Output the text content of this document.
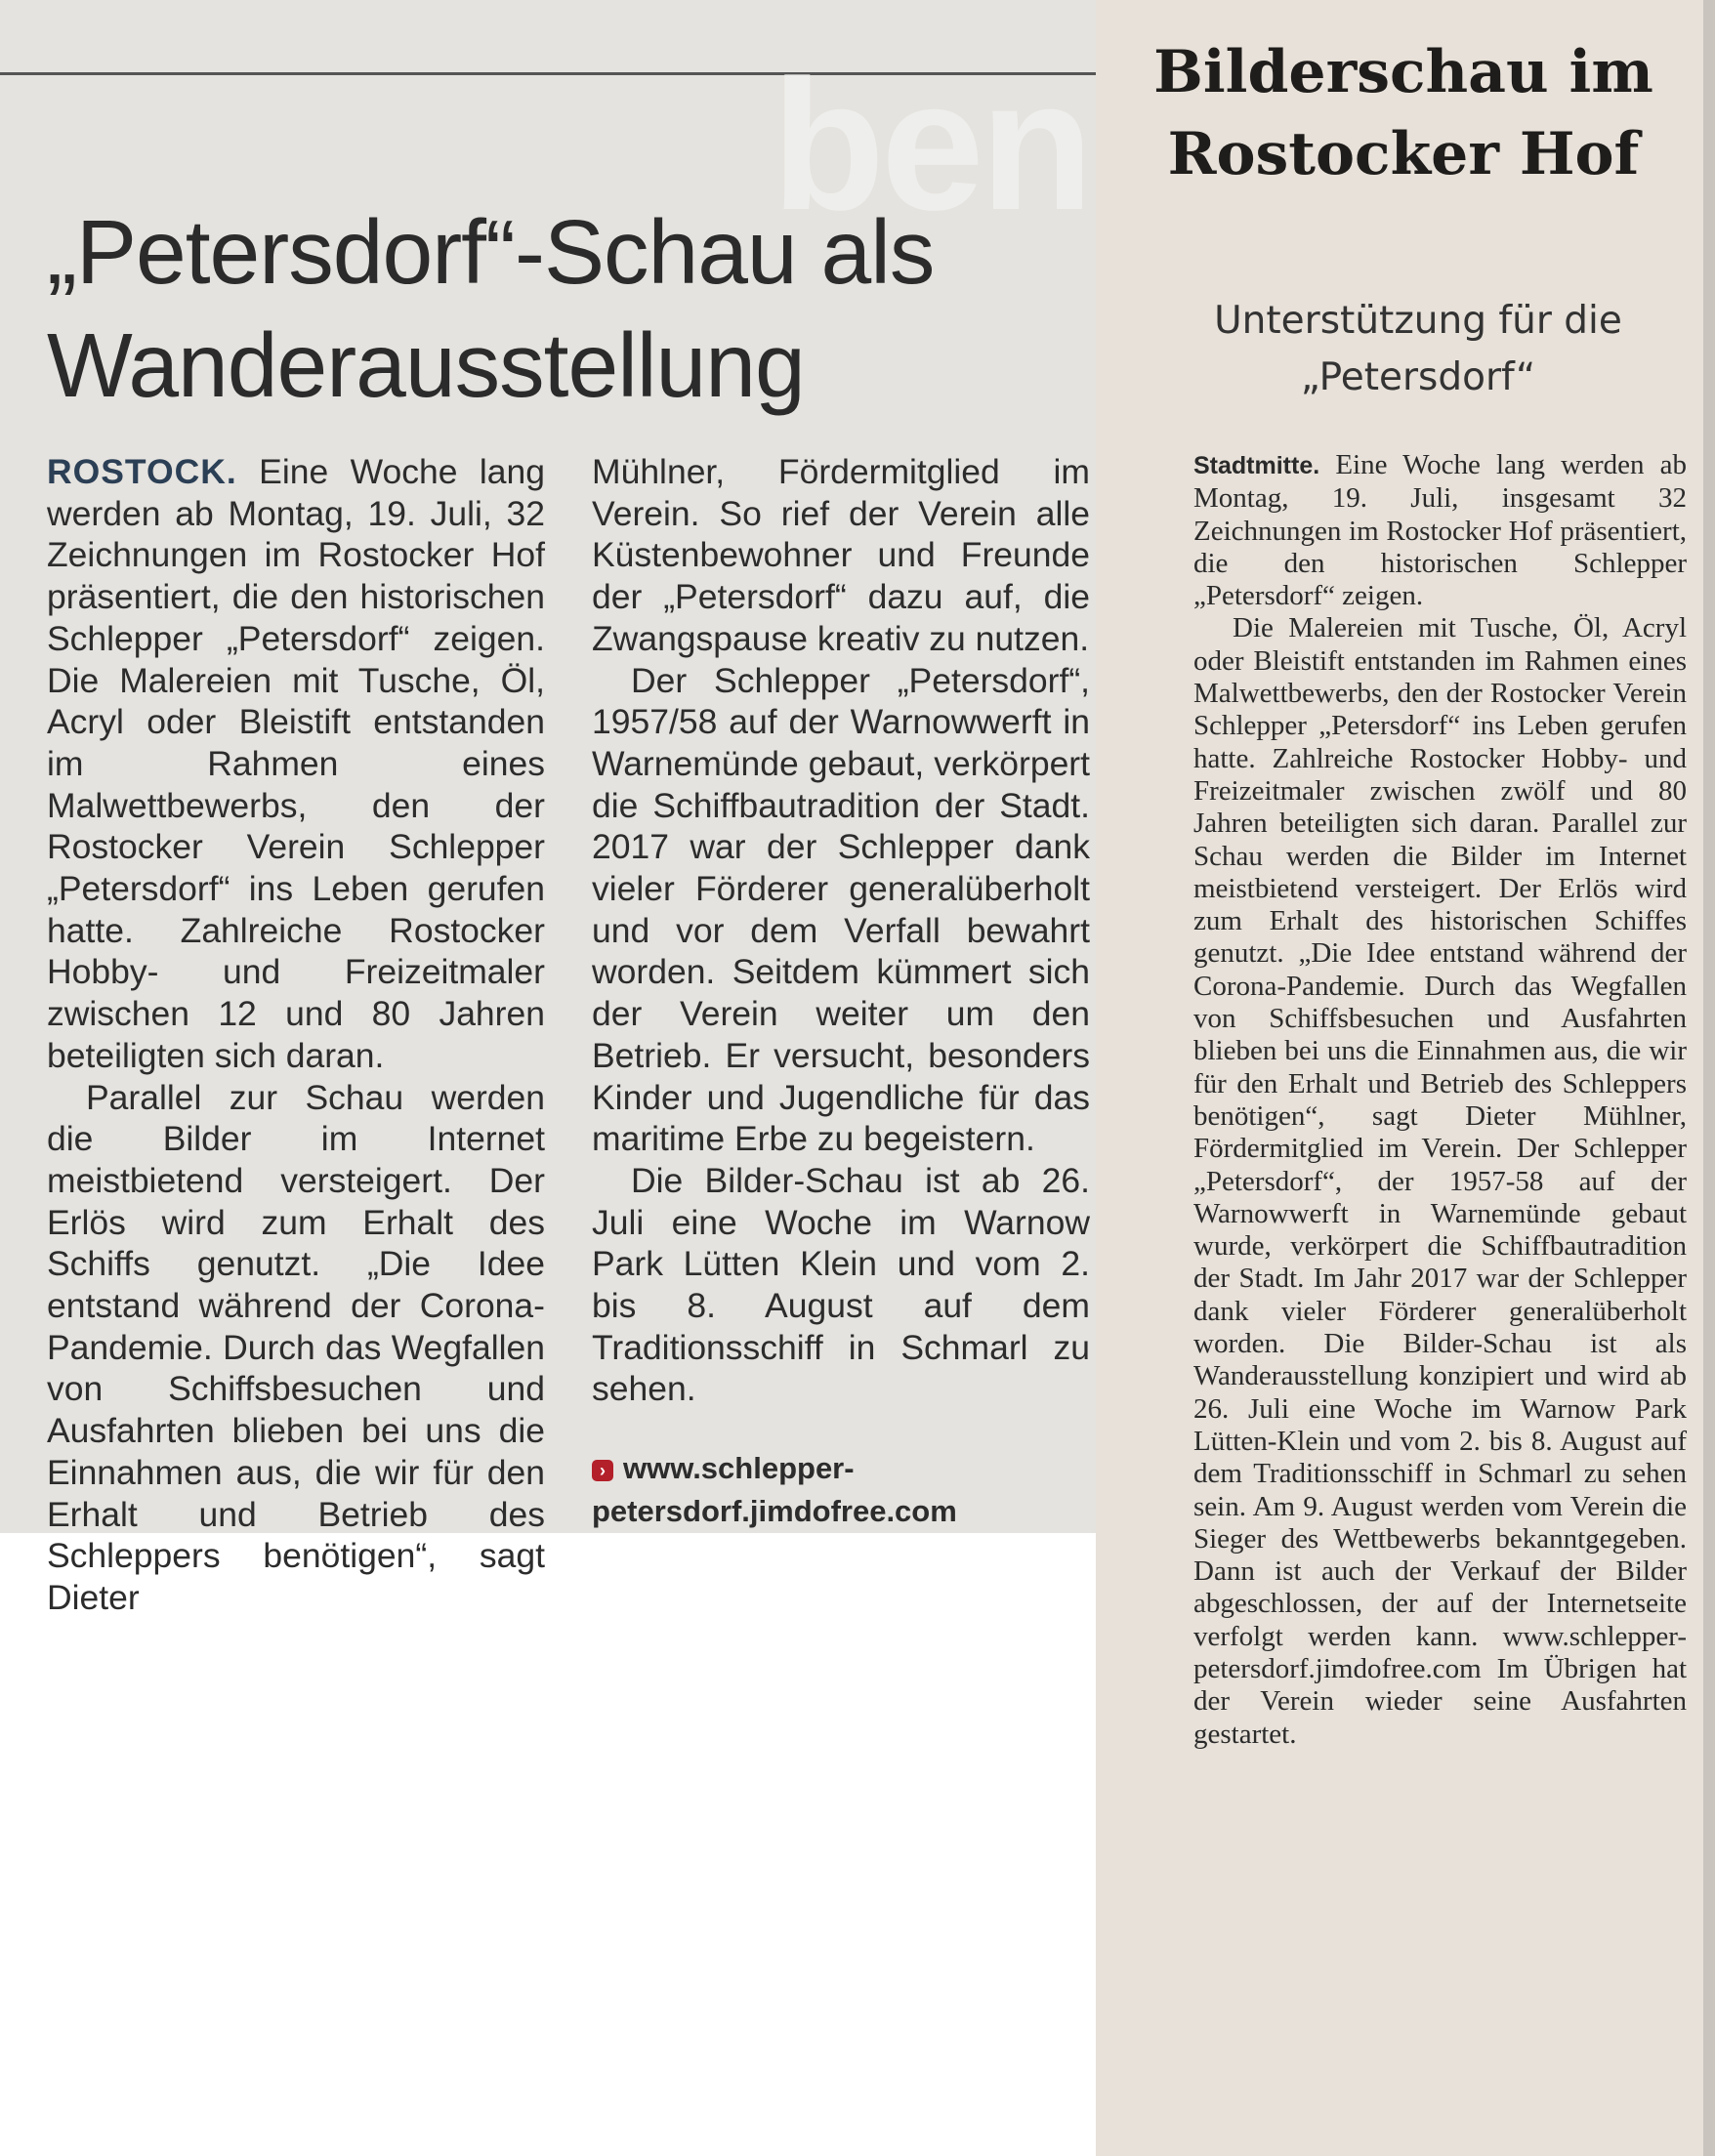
ben
„Petersdorf“-Schau als Wanderausstellung

ROSTOCK. Eine Woche lang werden ab Montag, 19. Juli, 32 Zeichnungen im Rostocker Hof präsentiert, die den historischen Schlepper „Petersdorf“ zeigen. Die Malereien mit Tusche, Öl, Acryl oder Bleistift entstanden im Rahmen eines Malwettbewerbs, den der Rostocker Verein Schlepper „Petersdorf“ ins Leben gerufen hatte. Zahlreiche Rostocker Hobby- und Freizeitmaler zwischen 12 und 80 Jahren beteiligten sich daran.

Parallel zur Schau werden die Bilder im Internet meistbietend versteigert. Der Erlös wird zum Erhalt des Schiffs genutzt. „Die Idee entstand während der Corona-Pandemie. Durch das Wegfallen von Schiffsbesuchen und Ausfahrten blieben bei uns die Einnahmen aus, die wir für den Erhalt und Betrieb des Schleppers benötigen“, sagt Dieter

Mühlner, Fördermitglied im Verein. So rief der Verein alle Küstenbewohner und Freunde der „Petersdorf“ dazu auf, die Zwangspause kreativ zu nutzen.

Der Schlepper „Petersdorf“, 1957/58 auf der Warnowwerft in Warnemünde gebaut, verkörpert die Schiffbautradition der Stadt. 2017 war der Schlepper dank vieler Förderer generalüberholt und vor dem Verfall bewahrt worden. Seitdem kümmert sich der Verein weiter um den Betrieb. Er versucht, besonders Kinder und Jugendliche für das maritime Erbe zu begeistern.

Die Bilder-Schau ist ab 26. Juli eine Woche im Warnow Park Lütten Klein und vom 2. bis 8. August auf dem Traditionsschiff in Schmarl zu sehen.

› www.schlepper-petersdorf.jimdofree.com

Bilderschau im Rostocker Hof
Unterstützung für die „Petersdorf“

Stadtmitte. Eine Woche lang werden ab Montag, 19. Juli, insgesamt 32 Zeichnungen im Rostocker Hof präsentiert, die den historischen Schlepper „Petersdorf“ zeigen.

Die Malereien mit Tusche, Öl, Acryl oder Bleistift entstanden im Rahmen eines Malwettbewerbs, den der Rostocker Verein Schlepper „Petersdorf“ ins Leben gerufen hatte. Zahlreiche Rostocker Hobby- und Freizeitmaler zwischen zwölf und 80 Jahren beteiligten sich daran. Parallel zur Schau werden die Bilder im Internet meistbietend versteigert. Der Erlös wird zum Erhalt des historischen Schiffes genutzt. „Die Idee entstand während der Corona-Pandemie. Durch das Wegfallen von Schiffsbesuchen und Ausfahrten blieben bei uns die Einnahmen aus, die wir für den Erhalt und Betrieb des Schleppers benötigen“, sagt Dieter Mühlner, Fördermitglied im Verein. Der Schlepper „Petersdorf“, der 1957-58 auf der Warnowwerft in Warnemünde gebaut wurde, verkörpert die Schiffbautradition der Stadt. Im Jahr 2017 war der Schlepper dank vieler Förderer generalüberholt worden. Die Bilder-Schau ist als Wanderausstellung konzipiert und wird ab 26. Juli eine Woche im Warnow Park Lütten-Klein und vom 2. bis 8. August auf dem Traditionsschiff in Schmarl zu sehen sein. Am 9. August werden vom Verein die Sieger des Wettbewerbs bekanntgegeben. Dann ist auch der Verkauf der Bilder abgeschlossen, der auf der Internetseite verfolgt werden kann. www.schlepper-petersdorf.jimdofree.com Im Übrigen hat der Verein wieder seine Ausfahrten gestartet.
